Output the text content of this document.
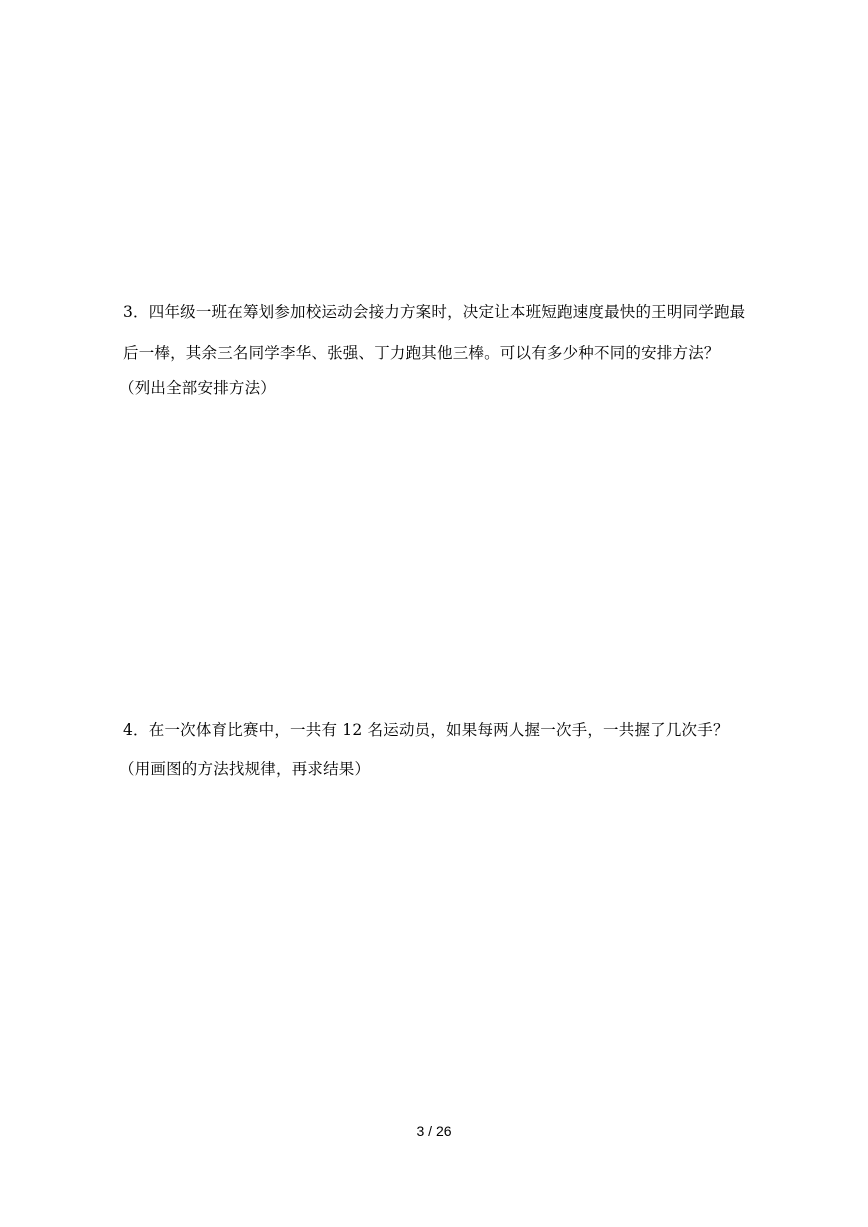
3．四年级一班在筹划参加校运动会接力方案时，决定让本班短跑速度最快的王明同学跑最
后一棒，其余三名同学李华、张强、丁力跑其他三棒。可以有多少种不同的安排方法？
（列出全部安排方法）
4．在一次体育比赛中，一共有 12 名运动员，如果每两人握一次手，一共握了几次手？
（用画图的方法找规律，再求结果）
3 / 26
